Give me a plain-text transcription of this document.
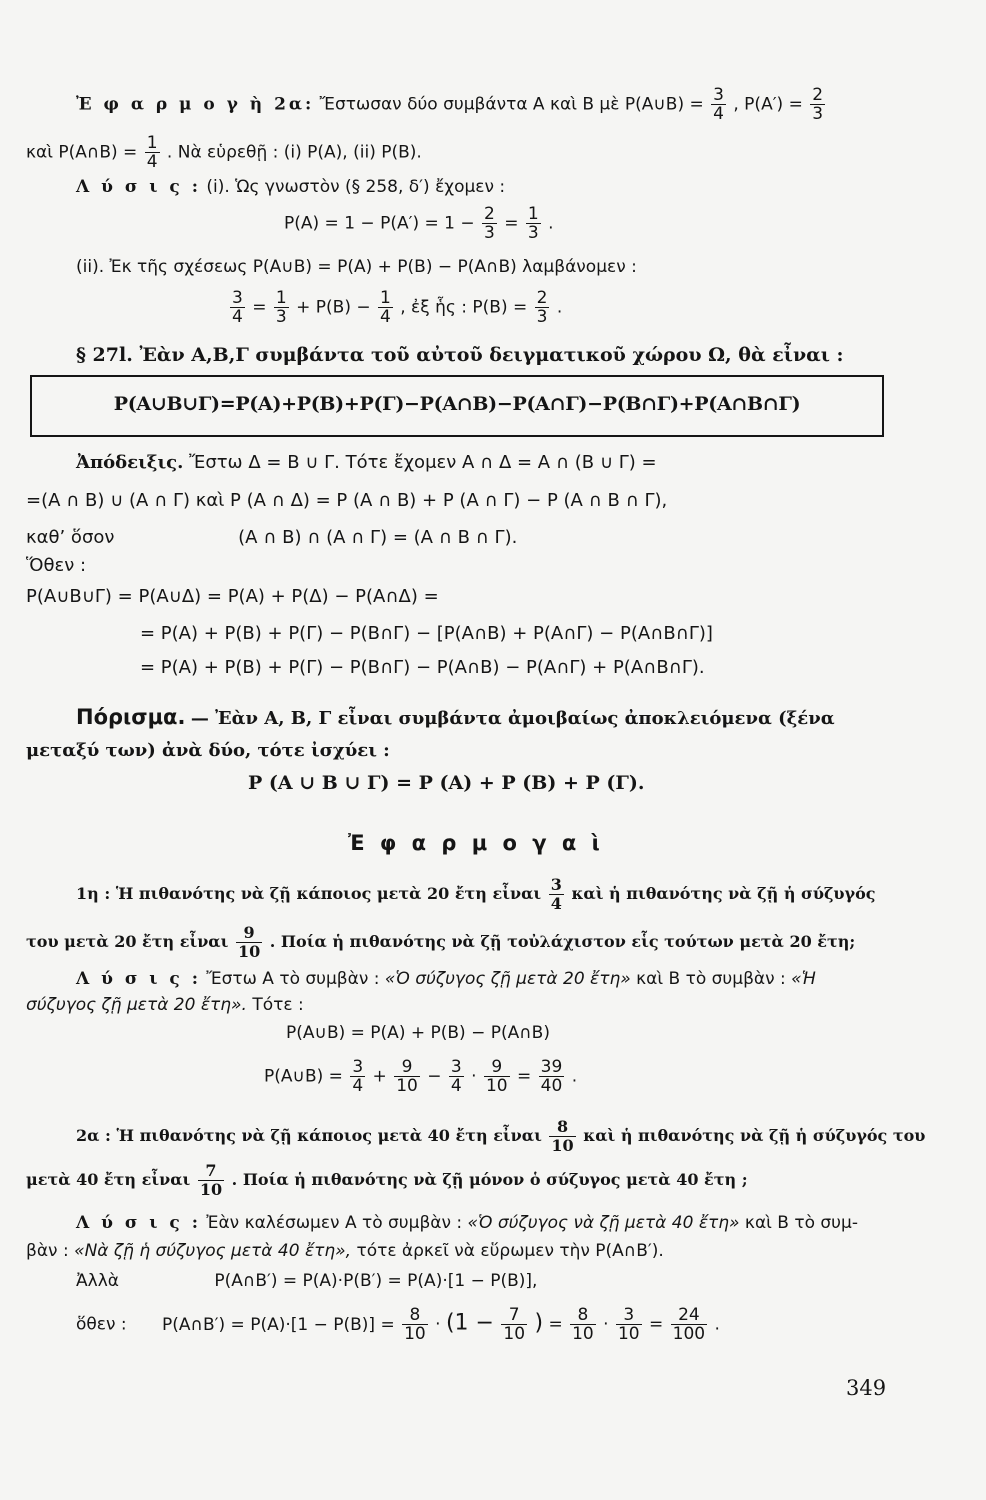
Ἐ φ α ρ μ ο γ ὴ 2α: Ἔστωσαν δύο συμβάντα A καὶ B μὲ P(A∪B) = $\frac{3}{4}$ , $P(A') = \frac{2}{3}$
καὶ P(A∩B) = $\frac{1}{4}$ . Νὰ εὑρεθῇ : (i) P(A), (ii) P(B).
Λ ύ σ ι ς : (i). Ὡς γνωστὸν (§ 258, δ′) ἔχομεν :
$P(A) = 1 - P(A') = 1 - \frac{2}{3} = \frac{1}{3}$ .
(ii). Ἐκ τῆς σχέσεως P(A∪B) = P(A) + P(B) − P(A∩B) λαμβάνομεν :
$\frac{3}{4} = \frac{1}{3} + P(B) - \frac{1}{4}$ , ἐξ ἧς : $P(B) = \frac{2}{3}$ .
§ 27l. Ἐὰν A,B,Γ συμβάντα τοῦ αὐτοῦ δειγματικοῦ χώρου Ω, θὰ εἶναι :
P(A∪B∪Γ)=P(A)+P(B)+P(Γ)−P(A∩B)−P(A∩Γ)−P(B∩Γ)+P(A∩B∩Γ)
Ἀπόδειξις. Ἔστω Δ = B ∪ Γ. Τότε ἔχομεν A ∩ Δ = A ∩ (B ∪ Γ) =
=(A ∩ B) ∪ (A ∩ Γ) καὶ P (A ∩ Δ) = P (A ∩ B) + P (A ∩ Γ) − P (A ∩ B ∩ Γ),
καθ’ ὅσον	(A ∩ B) ∩ (A ∩ Γ) = (A ∩ B ∩ Γ).
Ὅθεν :
P(A∪B∪Γ) = P(A∪Δ) = P(A) + P(Δ) − P(A∩Δ) =
= P(A) + P(B) + P(Γ) − P(B∩Γ) − [P(A∩B) + P(A∩Γ) − P(A∩B∩Γ)]
= P(A) + P(B) + P(Γ) − P(B∩Γ) − P(A∩B) − P(A∩Γ) + P(A∩B∩Γ).
Πόρισμα. — Ἐὰν A, B, Γ εἶναι συμβάντα ἀμοιβαίως ἀποκλειόμενα (ξένα
μεταξύ των) ἀνὰ δύο, τότε ἰσχύει :
P (A ∪ B ∪ Γ) = P (A) + P (B) + P (Γ).
Ἐ φ α ρ μ ο γ α ὶ
1η : Ἡ πιθανότης νὰ ζῇ κάποιος μετὰ 20 ἔτη εἶναι $\frac{3}{4}$ καὶ ἡ πιθανότης νὰ ζῇ ἡ σύζυγός
του μετὰ 20 ἔτη εἶναι $\frac{9}{10}$ . Ποία ἡ πιθανότης νὰ ζῇ τοὐλάχιστον εἷς τούτων μετὰ 20 ἔτη;
Λ ύ σ ι ς : Ἔστω A τὸ συμβὰν : «Ὁ σύζυγος ζῇ μετὰ 20 ἔτη» καὶ B τὸ συμβὰν : «Ἡ
σύζυγος ζῇ μετὰ 20 ἔτη». Τότε :
P(A∪B) = P(A) + P(B) − P(A∩B)
P(A∪B) = $\frac{3}{4} + \frac{9}{10} - \frac{3}{4} \cdot \frac{9}{10} = \frac{39}{40}$ .
2α : Ἡ πιθανότης νὰ ζῇ κάποιος μετὰ 40 ἔτη εἶναι $\frac{8}{10}$ καὶ ἡ πιθανότης νὰ ζῇ ἡ σύζυγός του
μετὰ 40 ἔτη εἶναι $\frac{7}{10}$ . Ποία ἡ πιθανότης νὰ ζῇ μόνον ὁ σύζυγος μετὰ 40 ἔτη ;
Λ ύ σ ι ς : Ἐὰν καλέσωμεν A τὸ συμβὰν : «Ὁ σύζυγος νὰ ζῇ μετὰ 40 ἔτη» καὶ B τὸ συμ-
βὰν : «Νὰ ζῇ ἡ σύζυγος μετὰ 40 ἔτη», τότε ἀρκεῖ νὰ εὕρωμεν τὴν P(A∩B′).
Ἀλλὰ	P(A∩B′) = P(A)·P(B′) = P(A)·[1 − P(B)],
ὅθεν : P(A∩B′) = $P(A)\cdot[1 - P(B)] = \frac{8}{10} \cdot (1 - \frac{7}{10}$ ) = $\frac{8}{10} \cdot \frac{3}{10} = \frac{24}{100}$ .
349
